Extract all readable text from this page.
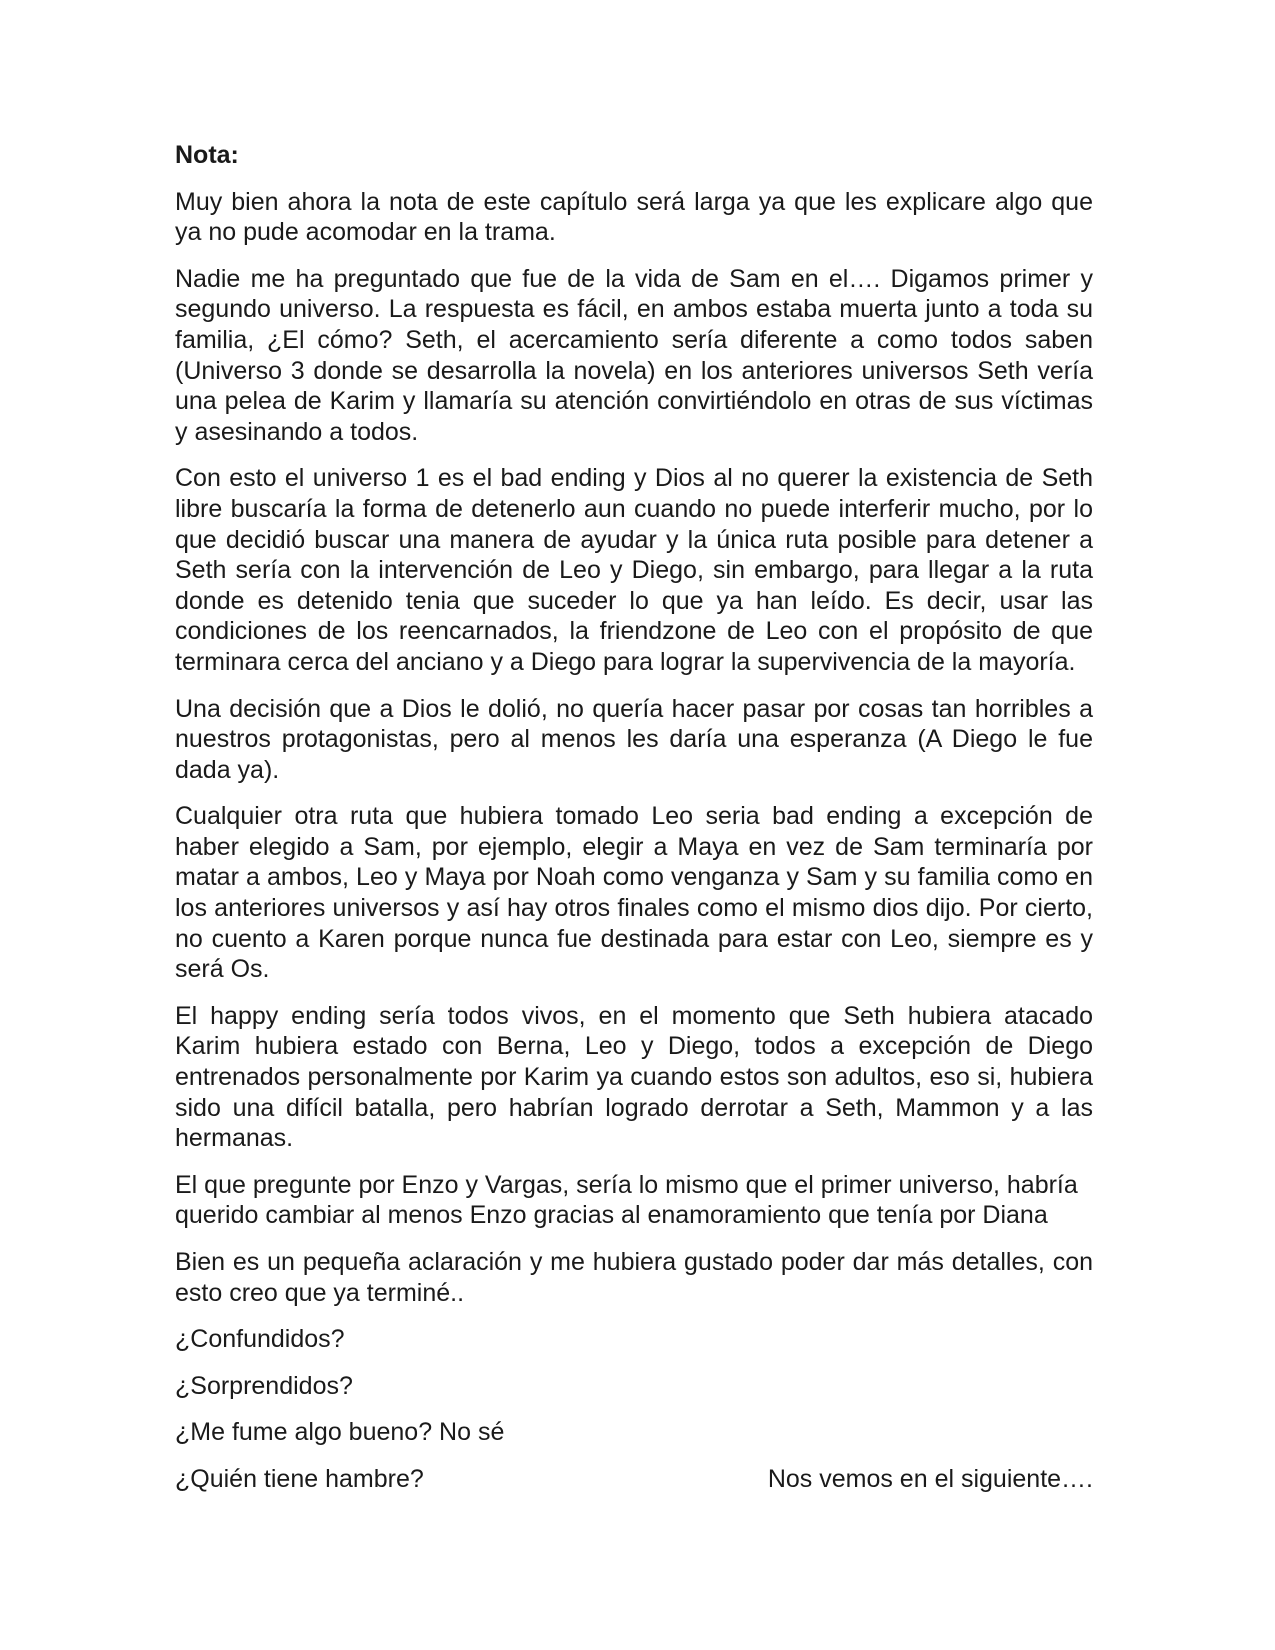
Nota:

Muy bien ahora la nota de este capítulo será larga ya que les explicare algo que ya no pude acomodar en la trama.

Nadie me ha preguntado que fue de la vida de Sam en el…. Digamos primer y segundo universo. La respuesta es fácil, en ambos estaba muerta junto a toda su familia, ¿El cómo? Seth, el acercamiento sería diferente a como todos saben (Universo 3 donde se desarrolla la novela) en los anteriores universos Seth vería una pelea de Karim y llamaría su atención convirtiéndolo en otras de sus víctimas y asesinando a todos.

Con esto el universo 1 es el bad ending y Dios al no querer la existencia de Seth libre buscaría la forma de detenerlo aun cuando no puede interferir mucho, por lo que decidió buscar una manera de ayudar y la única ruta posible para detener a Seth sería con la intervención de Leo y Diego, sin embargo, para llegar a la ruta donde es detenido tenia que suceder lo que ya han leído. Es decir, usar las condiciones de los reencarnados, la friendzone de Leo con el propósito de que terminara cerca del anciano y a Diego para lograr la supervivencia de la mayoría.

Una decisión que a Dios le dolió, no quería hacer pasar por cosas tan horribles a nuestros protagonistas, pero al menos les daría una esperanza (A Diego le fue dada ya).

Cualquier otra ruta que hubiera tomado Leo seria bad ending a excepción de haber elegido a Sam, por ejemplo, elegir a Maya en vez de Sam terminaría por matar a ambos, Leo y Maya por Noah como venganza y Sam y su familia como en los anteriores universos y así hay otros finales como el mismo dios dijo. Por cierto, no cuento a Karen porque nunca fue destinada para estar con Leo, siempre es y será Os.

El happy ending sería todos vivos, en el momento que Seth hubiera atacado Karim hubiera estado con Berna, Leo y Diego, todos a excepción de Diego entrenados personalmente por Karim ya cuando estos son adultos, eso si, hubiera sido una difícil batalla, pero habrían logrado derrotar a Seth, Mammon y a las hermanas.

El que pregunte por Enzo y Vargas, sería lo mismo que el primer universo, habría querido cambiar al menos Enzo gracias al enamoramiento que tenía por Diana

Bien es un pequeña aclaración y me hubiera gustado poder dar más detalles, con esto creo que ya terminé..

¿Confundidos?

¿Sorprendidos?

¿Me fume algo bueno? No sé

¿Quién tiene hambre?	Nos vemos en el siguiente….
